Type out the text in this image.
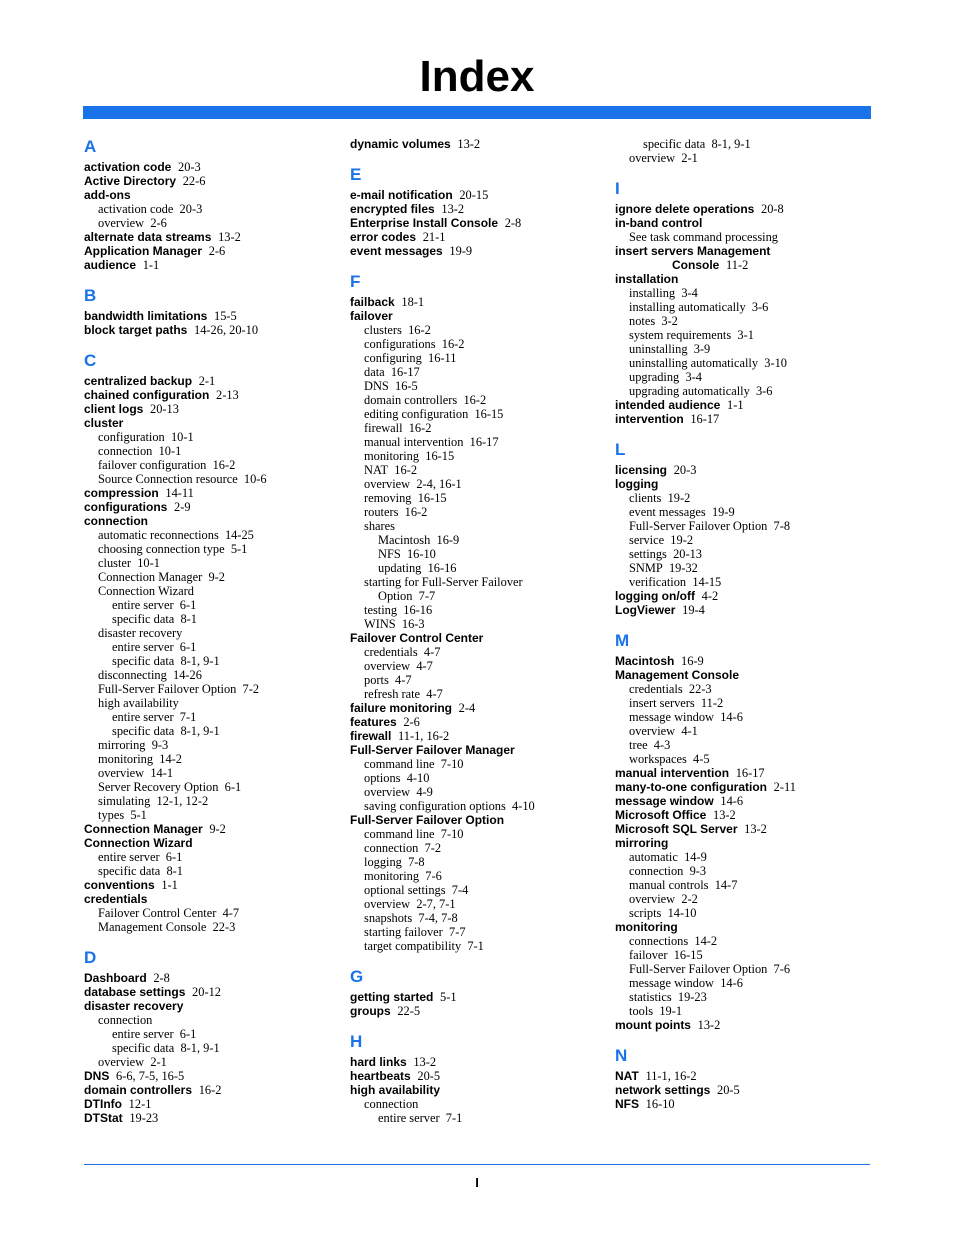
Index
A
activation code 20-3
Active Directory 22-6
add-ons
activation code 20-3
overview 2-6
alternate data streams 13-2
Application Manager 2-6
audience 1-1
B
bandwidth limitations 15-5
block target paths 14-26, 20-10
C
centralized backup 2-1
chained configuration 2-13
client logs 20-13
cluster
configuration 10-1
connection 10-1
failover configuration 16-2
Source Connection resource 10-6
compression 14-11
configurations 2-9
connection
automatic reconnections 14-25
choosing connection type 5-1
cluster 10-1
Connection Manager 9-2
Connection Wizard
entire server 6-1
specific data 8-1
disaster recovery
entire server 6-1
specific data 8-1, 9-1
disconnecting 14-26
Full-Server Failover Option 7-2
high availability
entire server 7-1
specific data 8-1, 9-1
mirroring 9-3
monitoring 14-2
overview 14-1
Server Recovery Option 6-1
simulating 12-1, 12-2
types 5-1
Connection Manager 9-2
Connection Wizard
entire server 6-1
specific data 8-1
conventions 1-1
credentials
Failover Control Center 4-7
Management Console 22-3
D
Dashboard 2-8
database settings 20-12
disaster recovery
connection
entire server 6-1
specific data 8-1, 9-1
overview 2-1
DNS 6-6, 7-5, 16-5
domain controllers 16-2
DTInfo 12-1
DTStat 19-23
dynamic volumes 13-2
E
e-mail notification 20-15
encrypted files 13-2
Enterprise Install Console 2-8
error codes 21-1
event messages 19-9
F
failback 18-1
failover
clusters 16-2
configurations 16-2
configuring 16-11
data 16-17
DNS 16-5
domain controllers 16-2
editing configuration 16-15
firewall 16-2
manual intervention 16-17
monitoring 16-15
NAT 16-2
overview 2-4, 16-1
removing 16-15
routers 16-2
shares
Macintosh 16-9
NFS 16-10
updating 16-16
starting for Full-Server Failover
Option 7-7
testing 16-16
WINS 16-3
Failover Control Center
credentials 4-7
overview 4-7
ports 4-7
refresh rate 4-7
failure monitoring 2-4
features 2-6
firewall 11-1, 16-2
Full-Server Failover Manager
command line 7-10
options 4-10
overview 4-9
saving configuration options 4-10
Full-Server Failover Option
command line 7-10
connection 7-2
logging 7-8
monitoring 7-6
optional settings 7-4
overview 2-7, 7-1
snapshots 7-4, 7-8
starting failover 7-7
target compatibility 7-1
G
getting started 5-1
groups 22-5
H
hard links 13-2
heartbeats 20-5
high availability
connection
entire server 7-1
specific data 8-1, 9-1
overview 2-1
I
ignore delete operations 20-8
in-band control
See task command processing
insert servers Management
Console 11-2
installation
installing 3-4
installing automatically 3-6
notes 3-2
system requirements 3-1
uninstalling 3-9
uninstalling automatically 3-10
upgrading 3-4
upgrading automatically 3-6
intended audience 1-1
intervention 16-17
L
licensing 20-3
logging
clients 19-2
event messages 19-9
Full-Server Failover Option 7-8
service 19-2
settings 20-13
SNMP 19-32
verification 14-15
logging on/off 4-2
LogViewer 19-4
M
Macintosh 16-9
Management Console
credentials 22-3
insert servers 11-2
message window 14-6
overview 4-1
tree 4-3
workspaces 4-5
manual intervention 16-17
many-to-one configuration 2-11
message window 14-6
Microsoft Office 13-2
Microsoft SQL Server 13-2
mirroring
automatic 14-9
connection 9-3
manual controls 14-7
overview 2-2
scripts 14-10
monitoring
connections 14-2
failover 16-15
Full-Server Failover Option 7-6
message window 14-6
statistics 19-23
tools 19-1
mount points 13-2
N
NAT 11-1, 16-2
network settings 20-5
NFS 16-10
I
